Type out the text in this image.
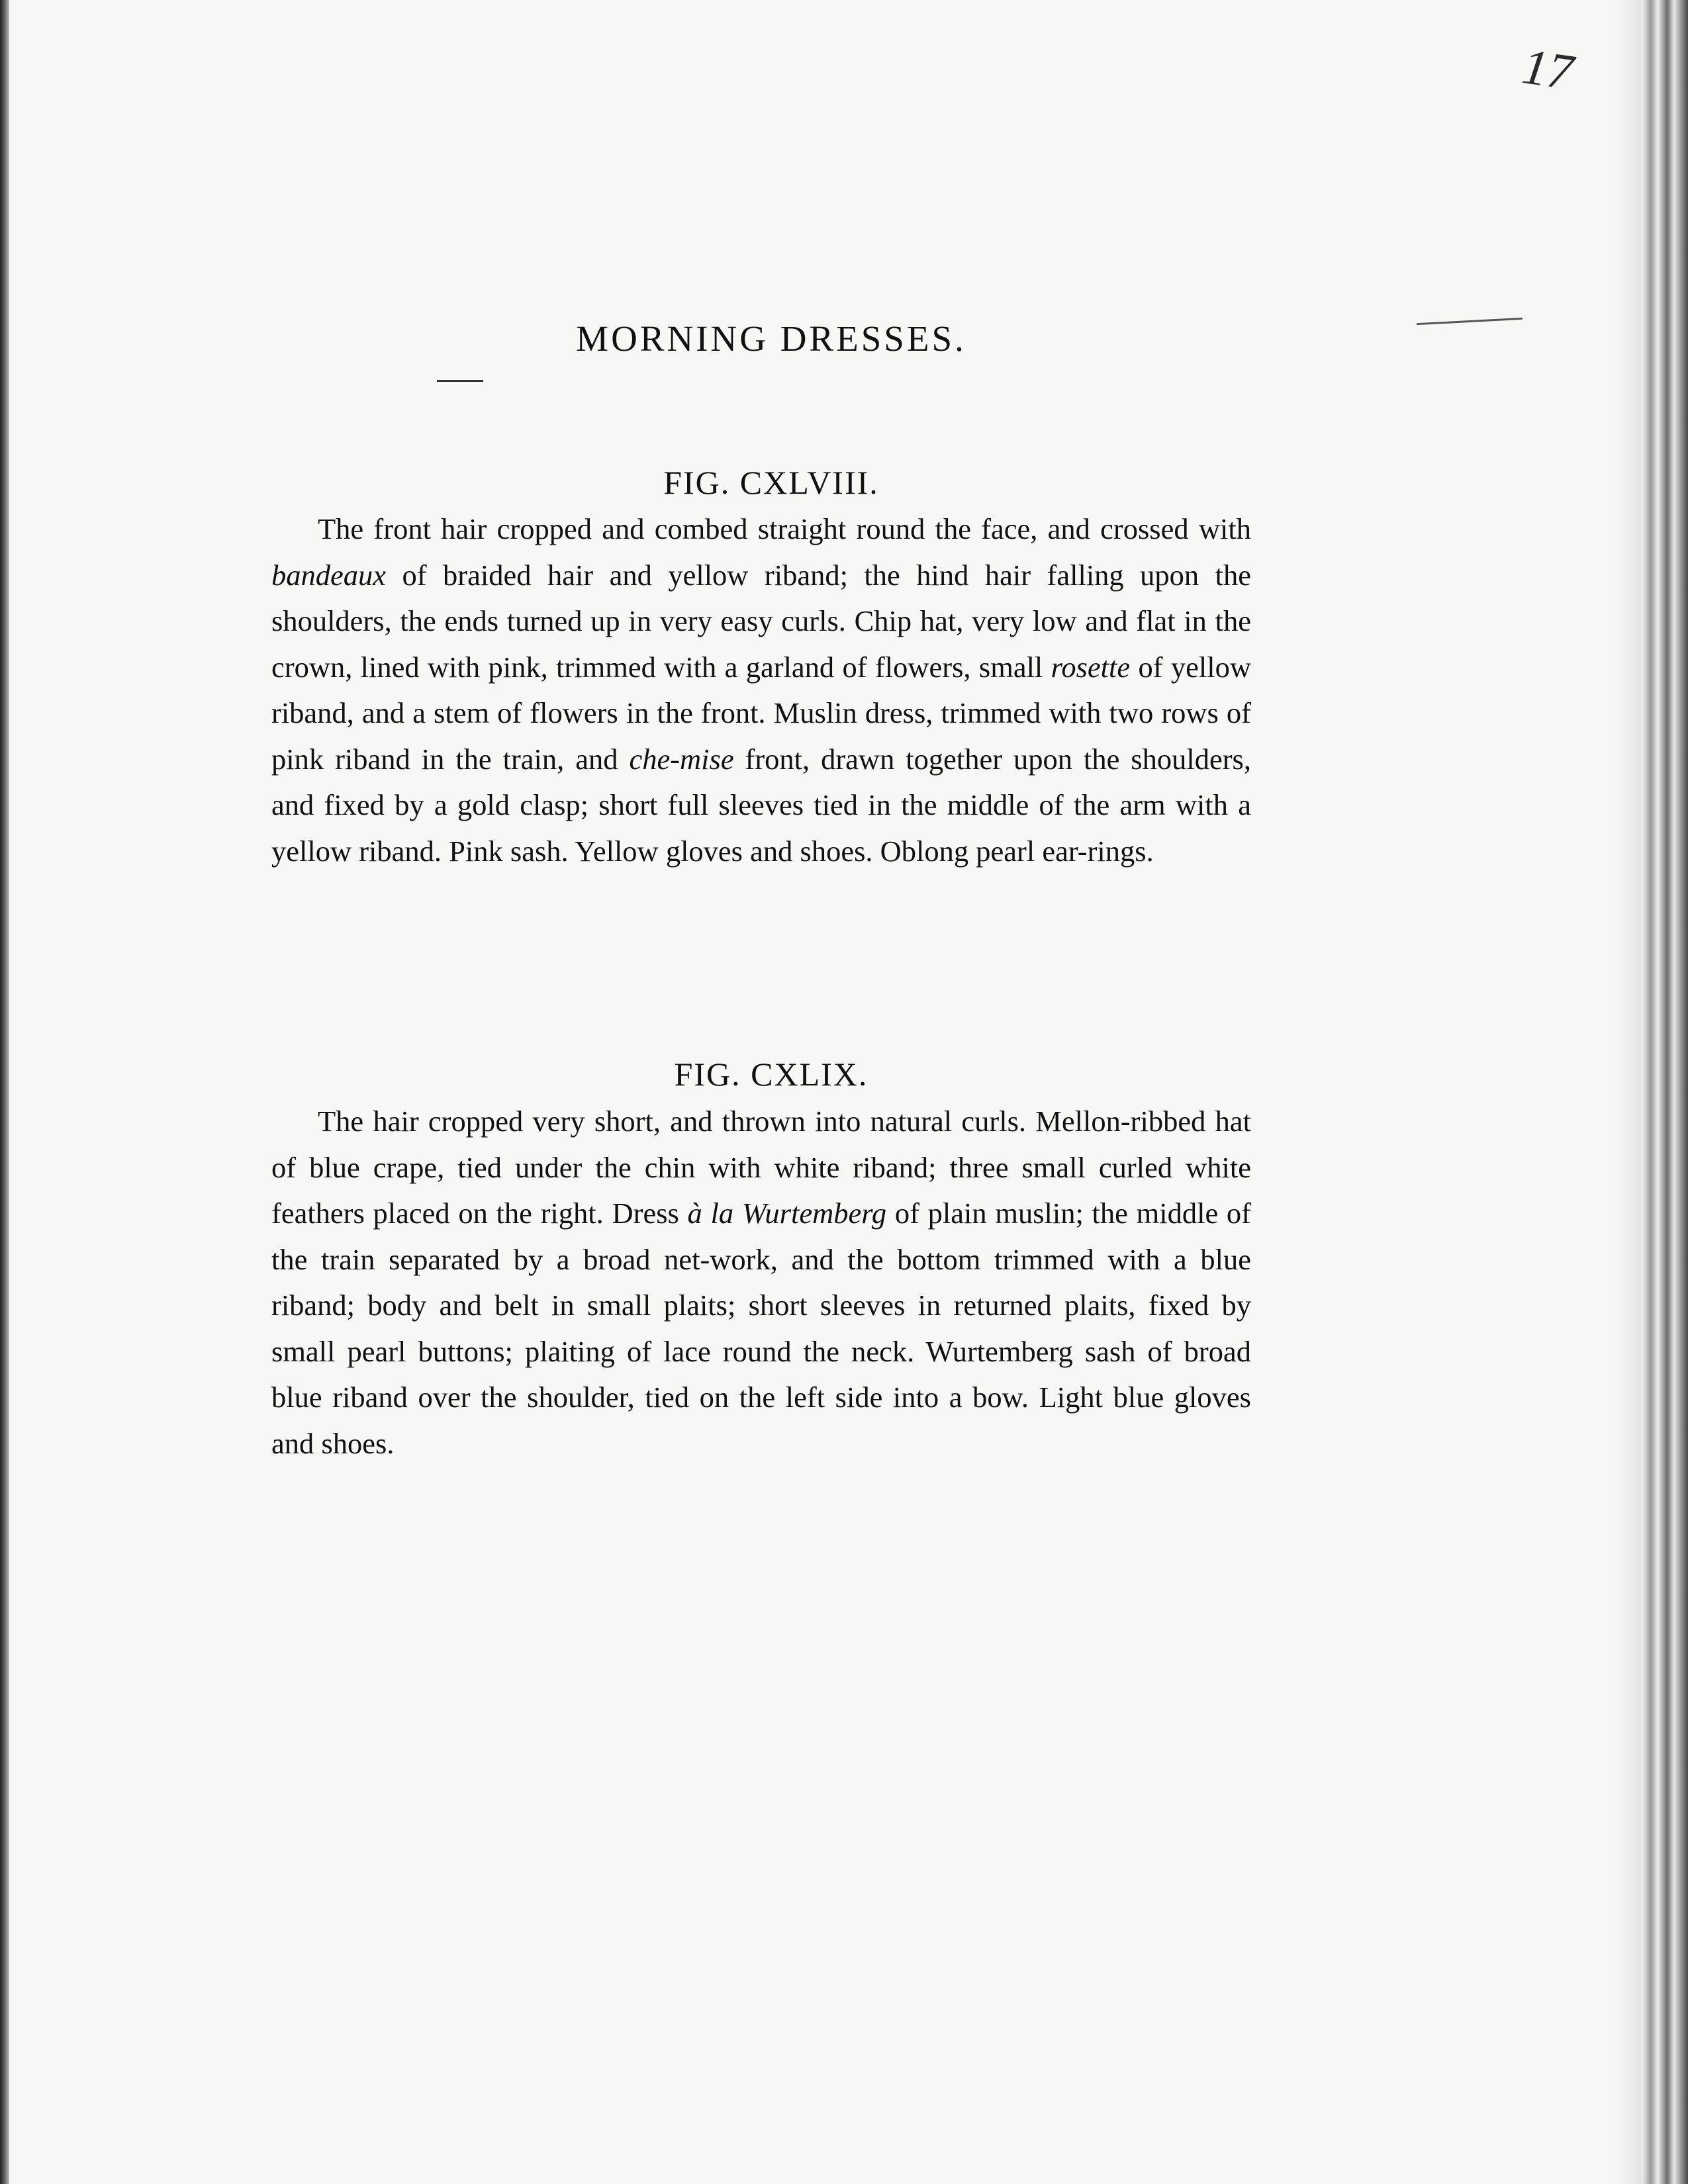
17
MORNING DRESSES.
FIG. CXLVIII.

The front hair cropped and combed straight round the face, and crossed with bandeaux of braided hair and yellow riband; the hind hair falling upon the shoulders, the ends turned up in very easy curls. Chip hat, very low and flat in the crown, lined with pink, trimmed with a garland of flowers, small rosette of yellow riband, and a stem of flowers in the front. Muslin dress, trimmed with two rows of pink riband in the train, and che-mise front, drawn together upon the shoulders, and fixed by a gold clasp; short full sleeves tied in the middle of the arm with a yellow riband. Pink sash. Yellow gloves and shoes. Oblong pearl ear-rings.

FIG. CXLIX.

The hair cropped very short, and thrown into natural curls. Mellon-ribbed hat of blue crape, tied under the chin with white riband; three small curled white feathers placed on the right. Dress à la Wurtemberg of plain muslin; the middle of the train separated by a broad net-work, and the bottom trimmed with a blue riband; body and belt in small plaits; short sleeves in returned plaits, fixed by small pearl buttons; plaiting of lace round the neck. Wurtemberg sash of broad blue riband over the shoulder, tied on the left side into a bow. Light blue gloves and shoes.
